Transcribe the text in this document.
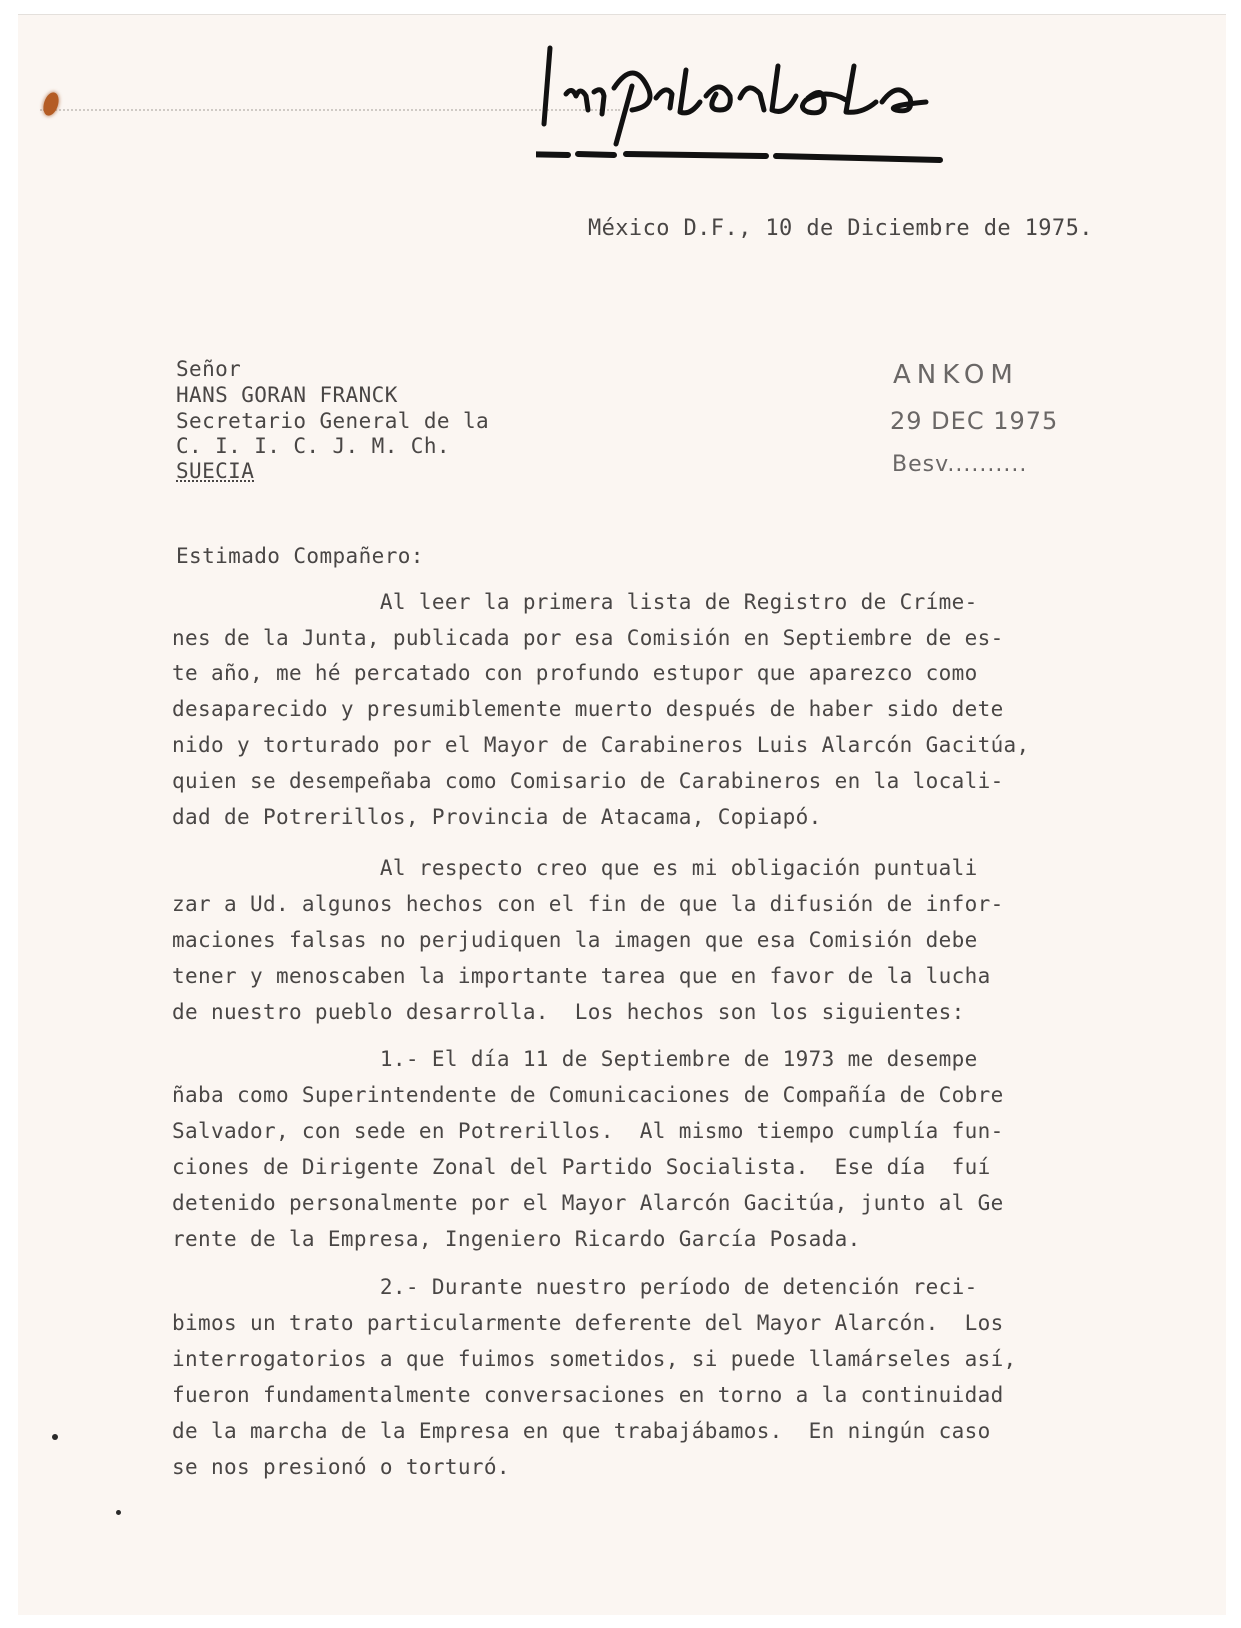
México D.F., 10 de Diciembre de 1975.
Señor
HANS GORAN FRANCK
Secretario General de la
C. I. I. C. J. M. Ch.
SUECIA
ANKOM
29 DEC 1975
Besv..........
Estimado Compañero:
Al leer la primera lista de Registro de Críme-
nes de la Junta, publicada por esa Comisión en Septiembre de es-
te año, me hé percatado con profundo estupor que aparezco como
desaparecido y presumiblemente muerto después de haber sido dete
nido y torturado por el Mayor de Carabineros Luis Alarcón Gacitúa,
quien se desempeñaba como Comisario de Carabineros en la locali-
dad de Potrerillos, Provincia de Atacama, Copiapó.
Al respecto creo que es mi obligación puntuali
zar a Ud. algunos hechos con el fin de que la difusión de infor-
maciones falsas no perjudiquen la imagen que esa Comisión debe
tener y menoscaben la importante tarea que en favor de la lucha
de nuestro pueblo desarrolla.  Los hechos son los siguientes:
1.- El día 11 de Septiembre de 1973 me desempe
ñaba como Superintendente de Comunicaciones de Compañía de Cobre
Salvador, con sede en Potrerillos.  Al mismo tiempo cumplía fun-
ciones de Dirigente Zonal del Partido Socialista.  Ese día  fuí
detenido personalmente por el Mayor Alarcón Gacitúa, junto al Ge
rente de la Empresa, Ingeniero Ricardo García Posada.
2.- Durante nuestro período de detención reci-
bimos un trato particularmente deferente del Mayor Alarcón.  Los
interrogatorios a que fuimos sometidos, si puede llamárseles así,
fueron fundamentalmente conversaciones en torno a la continuidad
de la marcha de la Empresa en que trabajábamos.  En ningún caso
se nos presionó o torturó.
